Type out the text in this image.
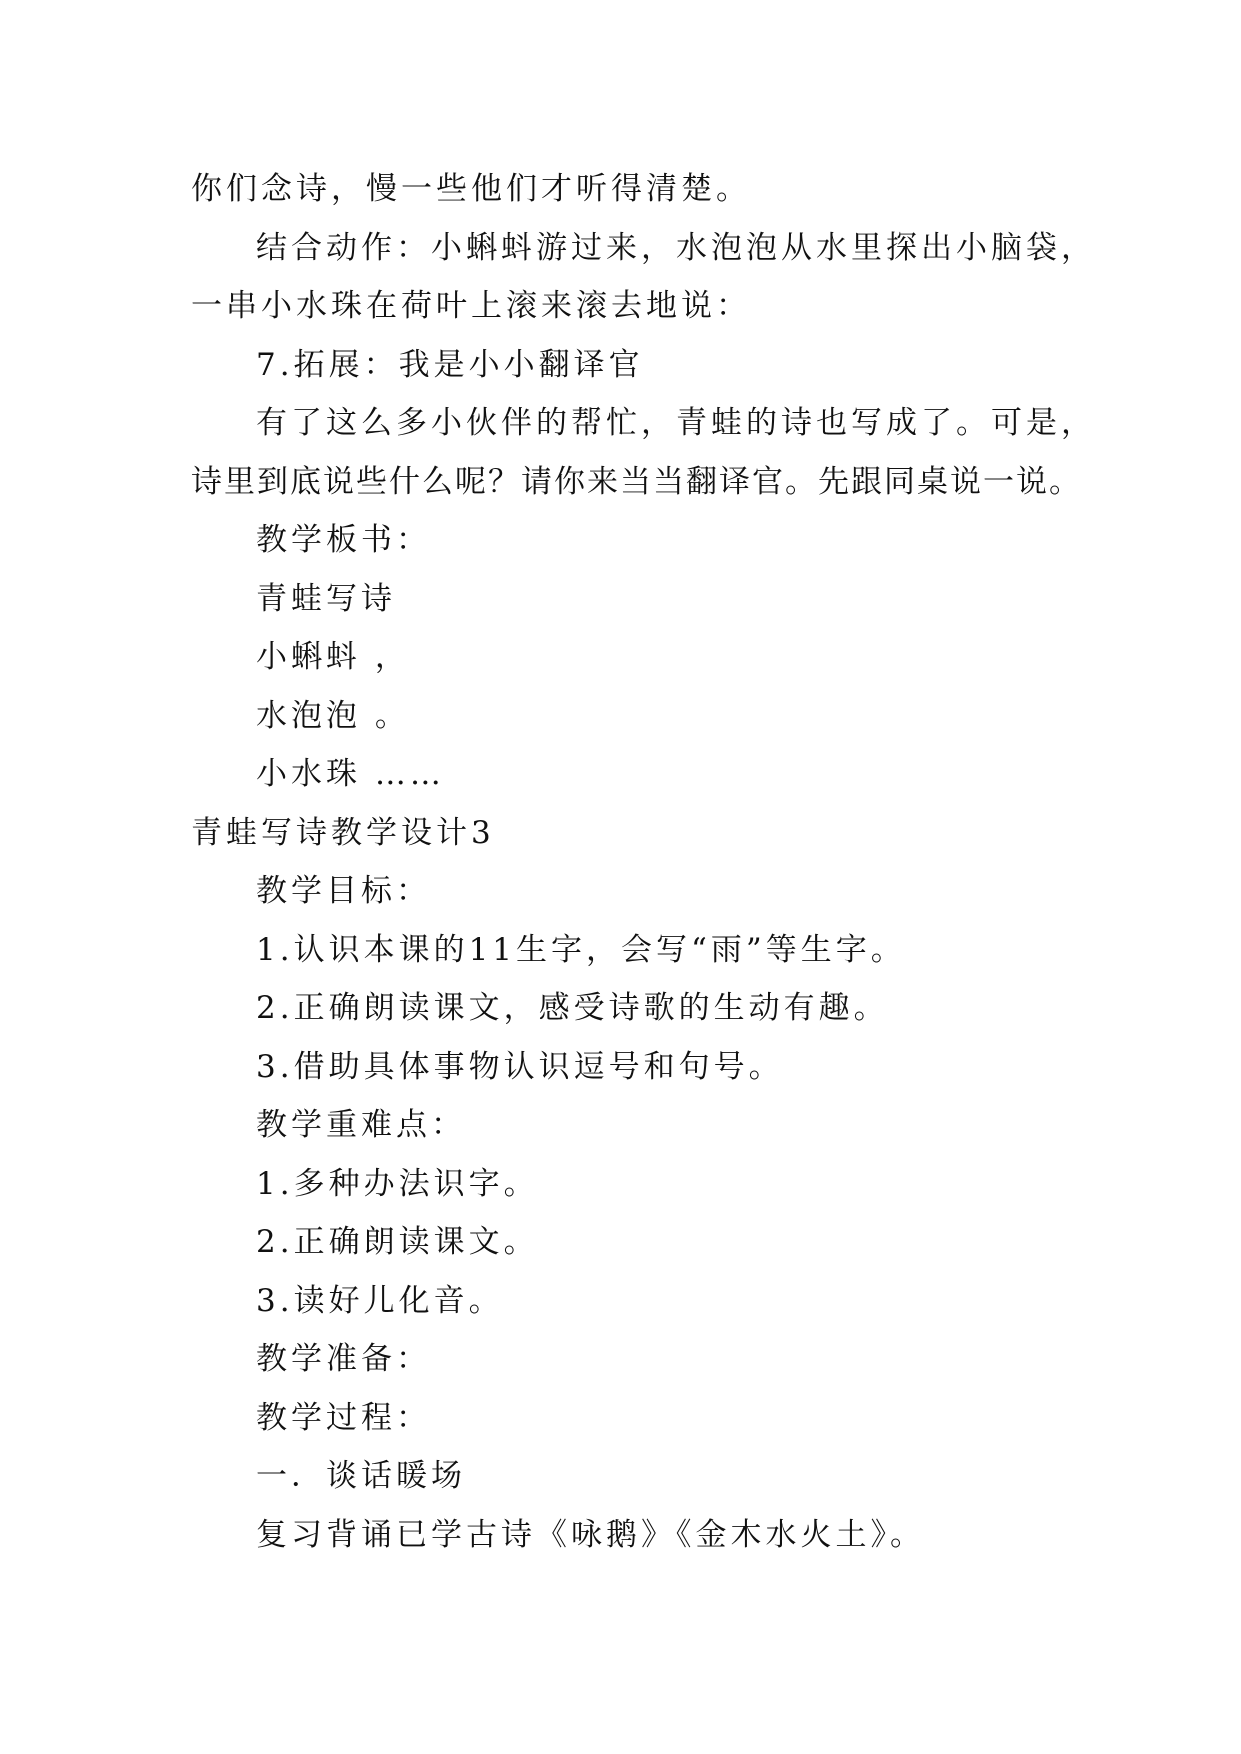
你们念诗，慢一些他们才听得清楚。

结合动作：小蝌蚪游过来，水泡泡从水里探出小脑袋，

一串小水珠在荷叶上滚来滚去地说：

7.拓展：我是小小翻译官

有了这么多小伙伴的帮忙，青蛙的诗也写成了。可是，

诗里到底说些什么呢？请你来当当翻译官。先跟同桌说一说。

教学板书：

青蛙写诗

小蝌蚪 ，

水泡泡 。

小水珠 ……

青蛙写诗教学设计3

教学目标：

1.认识本课的11生字，会写“雨”等生字。

2.正确朗读课文，感受诗歌的生动有趣。

3.借助具体事物认识逗号和句号。

教学重难点：

1.多种办法识字。

2.正确朗读课文。

3.读好儿化音。

教学准备：

教学过程：

一．谈话暖场

复习背诵已学古诗《咏鹅》《金木水火土》。
